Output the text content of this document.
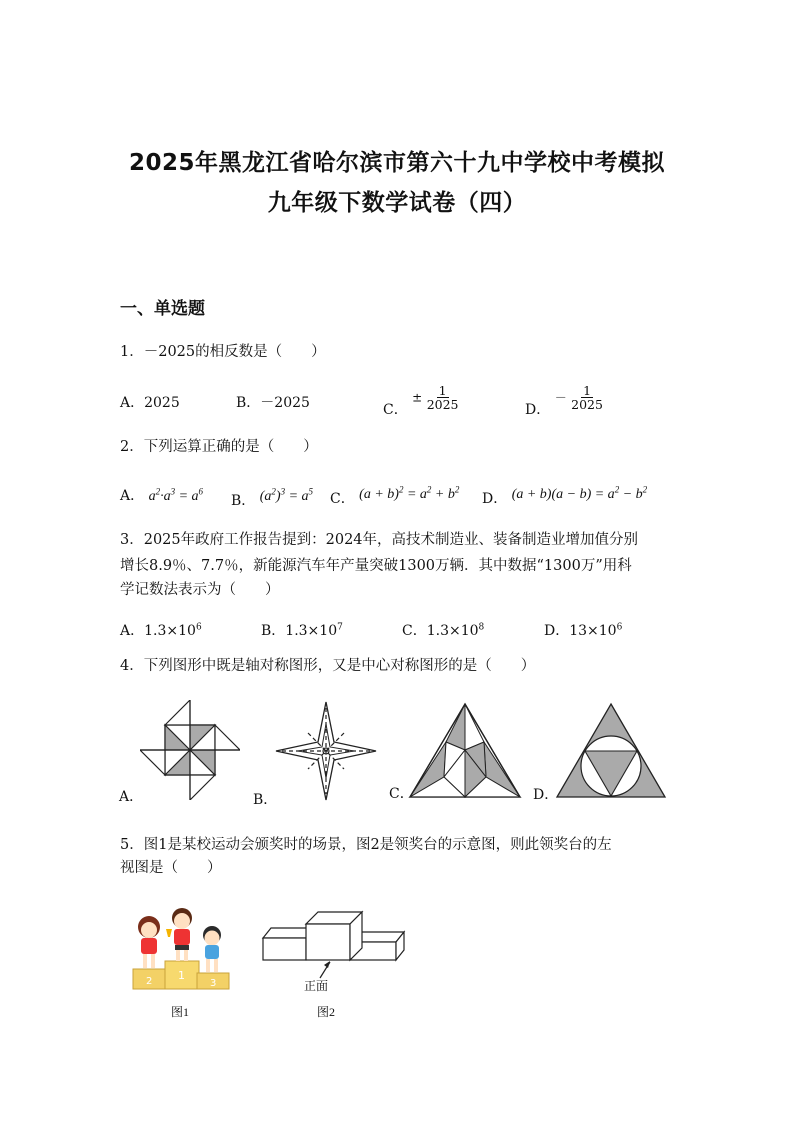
2025年黑龙江省哈尔滨市第六十九中学校中考模拟
九年级下数学试卷（四）
一、单选题
1．－2025的相反数是（　　）
A．2025	B．－2025	C． ± $\frac{1}{2025}$	D． － $\frac{1}{2025}$
2．下列运算正确的是（　　）
A． $a^2\cdot a^3 = a^6$
B． $(a^2)^3 = a^5$ C． $(a + b)^2 = a^2 + b^2$
D． $(a + b)(a - b) = a^2 - b^2$
3．2025年政府工作报告提到：2024年，高技术制造业、装备制造业增加值分别
增长8.9％、7.7％，新能源汽车年产量突破1300万辆．其中数据“1300万”用科
学记数法表示为（　　）
A．$1.3\times 10^6$	B．$1.3\times 10^7$	C．$1.3\times 10^8$	D．$13\times 10^6$
4．下列图形中既是轴对称图形，又是中心对称图形的是（　　）
A．	B．	C．	D．
5．图1是某校运动会颁奖时的场景，图2是领奖台的示意图，则此领奖台的左
视图是（　　）
2 1
3
图1
正面
图2
